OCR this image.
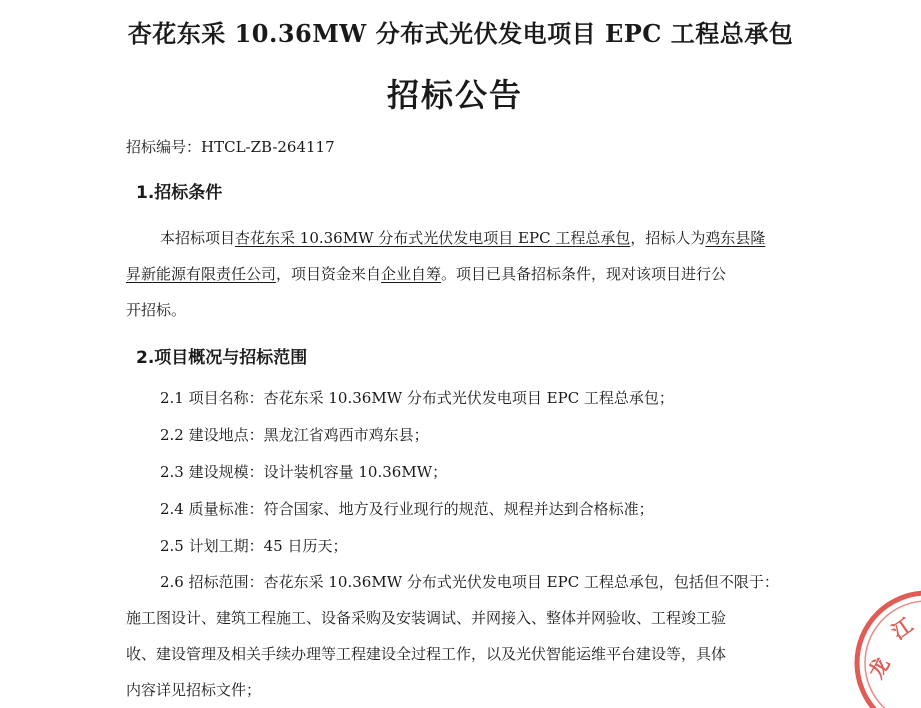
杏花东采 10.36MW 分布式光伏发电项目 EPC 工程总承包
招标公告
招标编号：HTCL-ZB-264117
1.招标条件
本招标项目杏花东采 10.36MW 分布式光伏发电项目 EPC 工程总承包，招标人为鸡东县隆
昇新能源有限责任公司，项目资金来自企业自筹。项目已具备招标条件，现对该项目进行公
开招标。
2.项目概况与招标范围
2.1 项目名称：杏花东采 10.36MW 分布式光伏发电项目 EPC 工程总承包；
2.2 建设地点：黑龙江省鸡西市鸡东县；
2.3 建设规模：设计装机容量 10.36MW；
2.4 质量标准：符合国家、地方及行业现行的规范、规程并达到合格标准；
2.5 计划工期：45 日历天；
2.6 招标范围：杏花东采 10.36MW 分布式光伏发电项目 EPC 工程总承包，包括但不限于：
施工图设计、建筑工程施工、设备采购及安装调试、并网接入、整体并网验收、工程竣工验
收、建设管理及相关手续办理等工程建设全过程工作，以及光伏智能运维平台建设等，具体
内容详见招标文件；
龙
江
